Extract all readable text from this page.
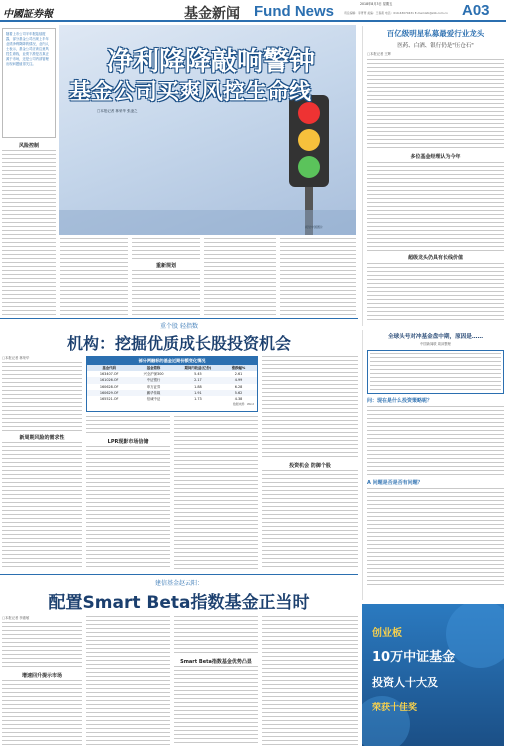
中國証券報	基金新闻 Fund News	2018年8月3日 星期五
责任编辑：李菁菁 美编：王春燕 电话：010-63070431 E-mail:zzb@zzb.com.cn A03
净利降降敲响警钟
基金公司买爽风控生命线
□本报记者 林荣华 张凌之
视觉中国图片
随着上市公司半年报陆续披露，部分基金公司出现上半年业绩净利降降的情况，业内人士表示，基金公司应该注意风控生命线，业绩下滑是否真正源于市场，还是公司内部管理出现问题值得关注。
风险控制
重新规划
百亿级明星私募最爱行业龙头
医药、白酒、银行仍是"压仓石"
□本报记者 王辉
多位基金经理认为今年
超级龙头仍具有长线价值
重个股 轻指数
机构：挖掘优质成长股投资机会
□本报记者 林荣华
新周期风险的需求性
部分两融标的基金近期份额变化情况
基金代码	基金简称	期间内收益(亿份)	涨跌幅%
163407.OF	兴全沪深300	5.45	2.61
161026.OF	中证银行	2.17	4.99
160628.OF	申万证券	1.88	6.28
160629.OF	鹏华传媒	1.91	5.62
165521.OF	信诚中证	1.73	4.38
数据来源：Wind
LPR现影市场信储
投资机会 防御个股
全球头号对冲基金盘中期，原因是……
中国新闻联 周沫整理
问：现在是什么投资策略呢？
A 问题是否是否有问题？
建信基金赵云阳：
配置Smart Beta指数基金正当时
□本报记者 李惠敏
增速回升提示市场
Smart Beta指数基金优势凸显
创业板
10万中证基金
投资人十大及
荣获十佳奖
